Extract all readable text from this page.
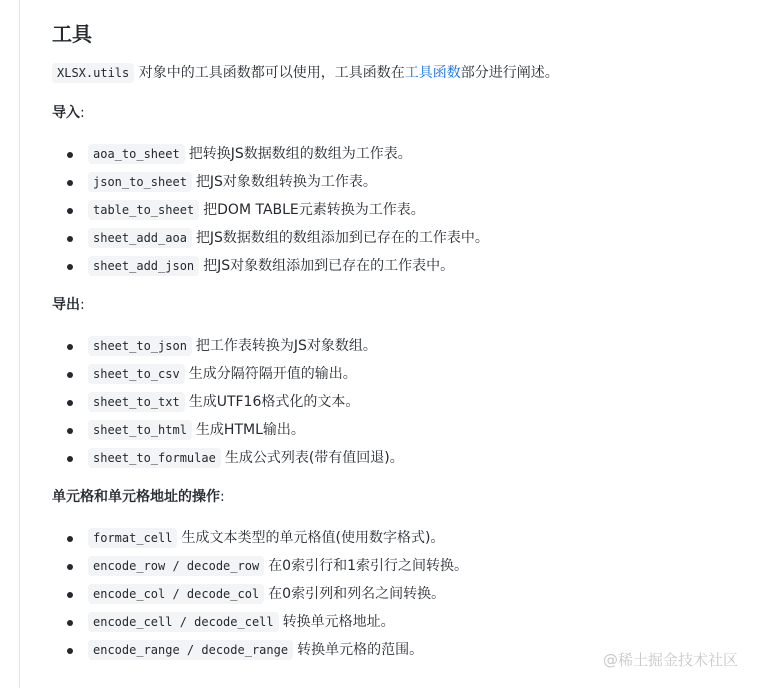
工具
XLSX.utils 对象中的工具函数都可以使用，工具函数在工具函数部分进行阐述。
导入:
aoa_to_sheet 把转换JS数据数组的数组为工作表。
json_to_sheet 把JS对象数组转换为工作表。
table_to_sheet 把DOM TABLE元素转换为工作表。
sheet_add_aoa 把JS数据数组的数组添加到已存在的工作表中。
sheet_add_json 把JS对象数组添加到已存在的工作表中。
导出:
sheet_to_json 把工作表转换为JS对象数组。
sheet_to_csv 生成分隔符隔开值的输出。
sheet_to_txt 生成UTF16格式化的文本。
sheet_to_html 生成HTML输出。
sheet_to_formulae 生成公式列表(带有值回退)。
单元格和单元格地址的操作:
format_cell 生成文本类型的单元格值(使用数字格式)。
encode_row / decode_row 在0索引行和1索引行之间转换。
encode_col / decode_col 在0索引列和列名之间转换。
encode_cell / decode_cell 转换单元格地址。
encode_range / decode_range 转换单元格的范围。
@稀土掘金技术社区
